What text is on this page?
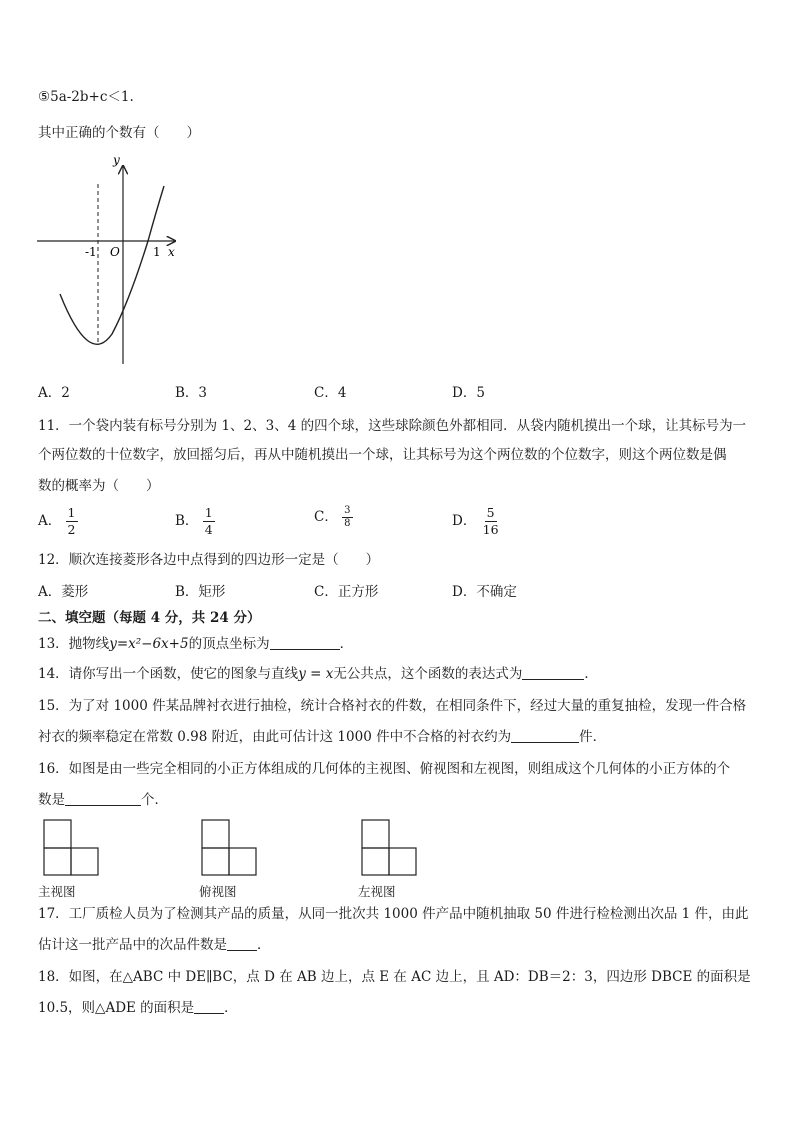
⑤5a-2b+c＜1.
其中正确的个数有（　　）
y
-1 O	1 x
A．2	B．3	C．4	D．5
11．一个袋内装有标号分别为 1、2、3、4 的四个球，这些球除颜色外都相同．从袋内随机摸出一个球，让其标号为一
个两位数的十位数字，放回摇匀后，再从中随机摸出一个球，让其标号为这个两位数的个位数字，则这个两位数是偶
数的概率为（　　）
A． $\frac{1}{2}$	B． $\frac{1}{4}$	C． $\frac{3}{8}$	D． $\frac{5}{16}$
12．顺次连接菱形各边中点得到的四边形一定是（　　）
A．菱形	B．矩形	C．正方形	D．不确定
二、填空题（每题 4 分，共 24 分）
13．抛物线y=x²−6x+5的顶点坐标为	．
14．请你写出一个函数，使它的图象与直线y = x无公共点，这个函数的表达式为	．
15．为了对 1000 件某品牌衬衣进行抽检，统计合格衬衣的件数，在相同条件下，经过大量的重复抽检，发现一件合格
衬衣的频率稳定在常数 0.98 附近，由此可估计这 1000 件中不合格的衬衣约为	件．
16．如图是由一些完全相同的小正方体组成的几何体的主视图、俯视图和左视图，则组成这个几何体的小正方体的个
数是	个．
主视图	俯视图	左视图
17．工厂质检人员为了检测其产品的质量，从同一批次共 1000 件产品中随机抽取 50 件进行检检测出次品 1 件，由此
估计这一批产品中的次品件数是 ．
18．如图，在△ABC 中 DE∥BC，点 D 在 AB 边上，点 E 在 AC 边上，且 AD：DB＝2：3，四边形 DBCE 的面积是
10.5，则△ADE 的面积是 ．
